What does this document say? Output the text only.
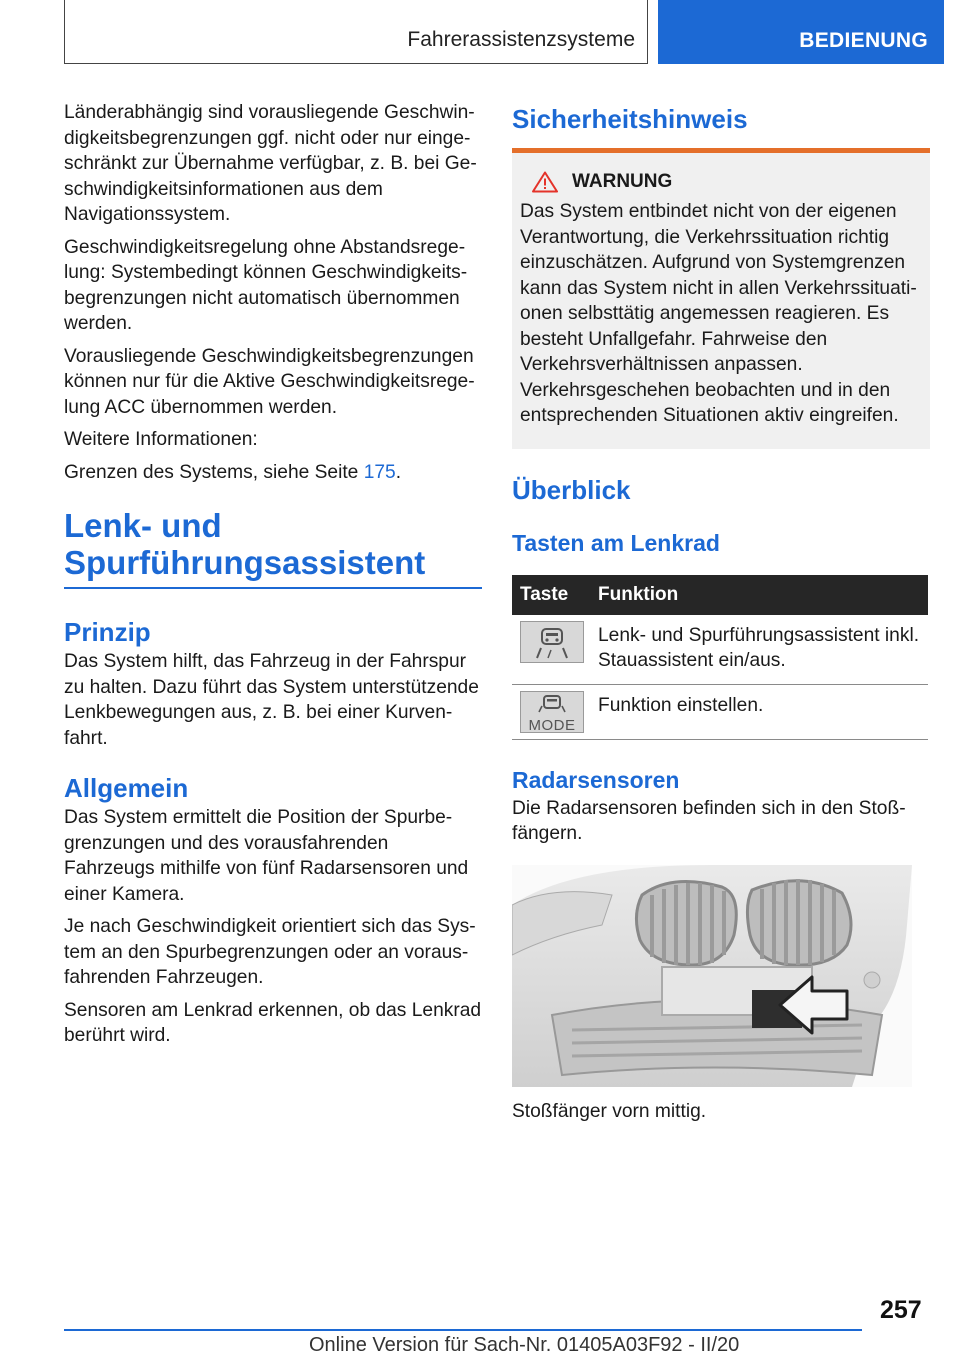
Fahrerassistenzsysteme	BEDIENUNG

Länderabhängig sind vorausliegende Geschwindigkeitsbegrenzungen ggf. nicht oder nur eingeschränkt zur Übernahme verfügbar, z. B. bei Geschwindigkeitsinformationen aus dem Navigationssystem.

Geschwindigkeitsregelung ohne Abstandsregelung: Systembedingt können Geschwindigkeitsbegrenzungen nicht automatisch übernommen werden.

Vorausliegende Geschwindigkeitsbegrenzungen können nur für die Aktive Geschwindigkeitsregelung ACC übernommen werden.

Weitere Informationen:

Grenzen des Systems, siehe Seite 175.

Lenk- und
Spurführungsassistent
Prinzip

Das System hilft, das Fahrzeug in der Fahrspur zu halten. Dazu führt das System unterstützende Lenkbewegungen aus, z. B. bei einer Kurvenfahrt.

Allgemein

Das System ermittelt die Position der Spurbegrenzungen und des vorausfahrenden Fahrzeugs mithilfe von fünf Radarsensoren und einer Kamera.

Je nach Geschwindigkeit orientiert sich das System an den Spurbegrenzungen oder an vorausfahrenden Fahrzeugen.

Sensoren am Lenkrad erkennen, ob das Lenkrad berührt wird.

Sicherheitshinweis
WARNUNG

Das System entbindet nicht von der eigenen Verantwortung, die Verkehrssituation richtig einzuschätzen. Aufgrund von Systemgrenzen kann das System nicht in allen Verkehrssituationen selbsttätig angemessen reagieren. Es besteht Unfallgefahr. Fahrweise den Verkehrsverhältnissen anpassen. Verkehrsgeschehen beobachten und in den entsprechenden Situationen aktiv eingreifen.

Überblick
Tasten am Lenkrad
Taste	Funktion

	Lenk- und Spurführungsassistent inkl. Stauassistent ein/aus.

MODE	Funktion einstellen.
Radarsensoren

Die Radarsensoren befinden sich in den Stoßfängern.

Stoßfänger vorn mittig.

257
Online Version für Sach-Nr. 01405A03F92 - II/20
